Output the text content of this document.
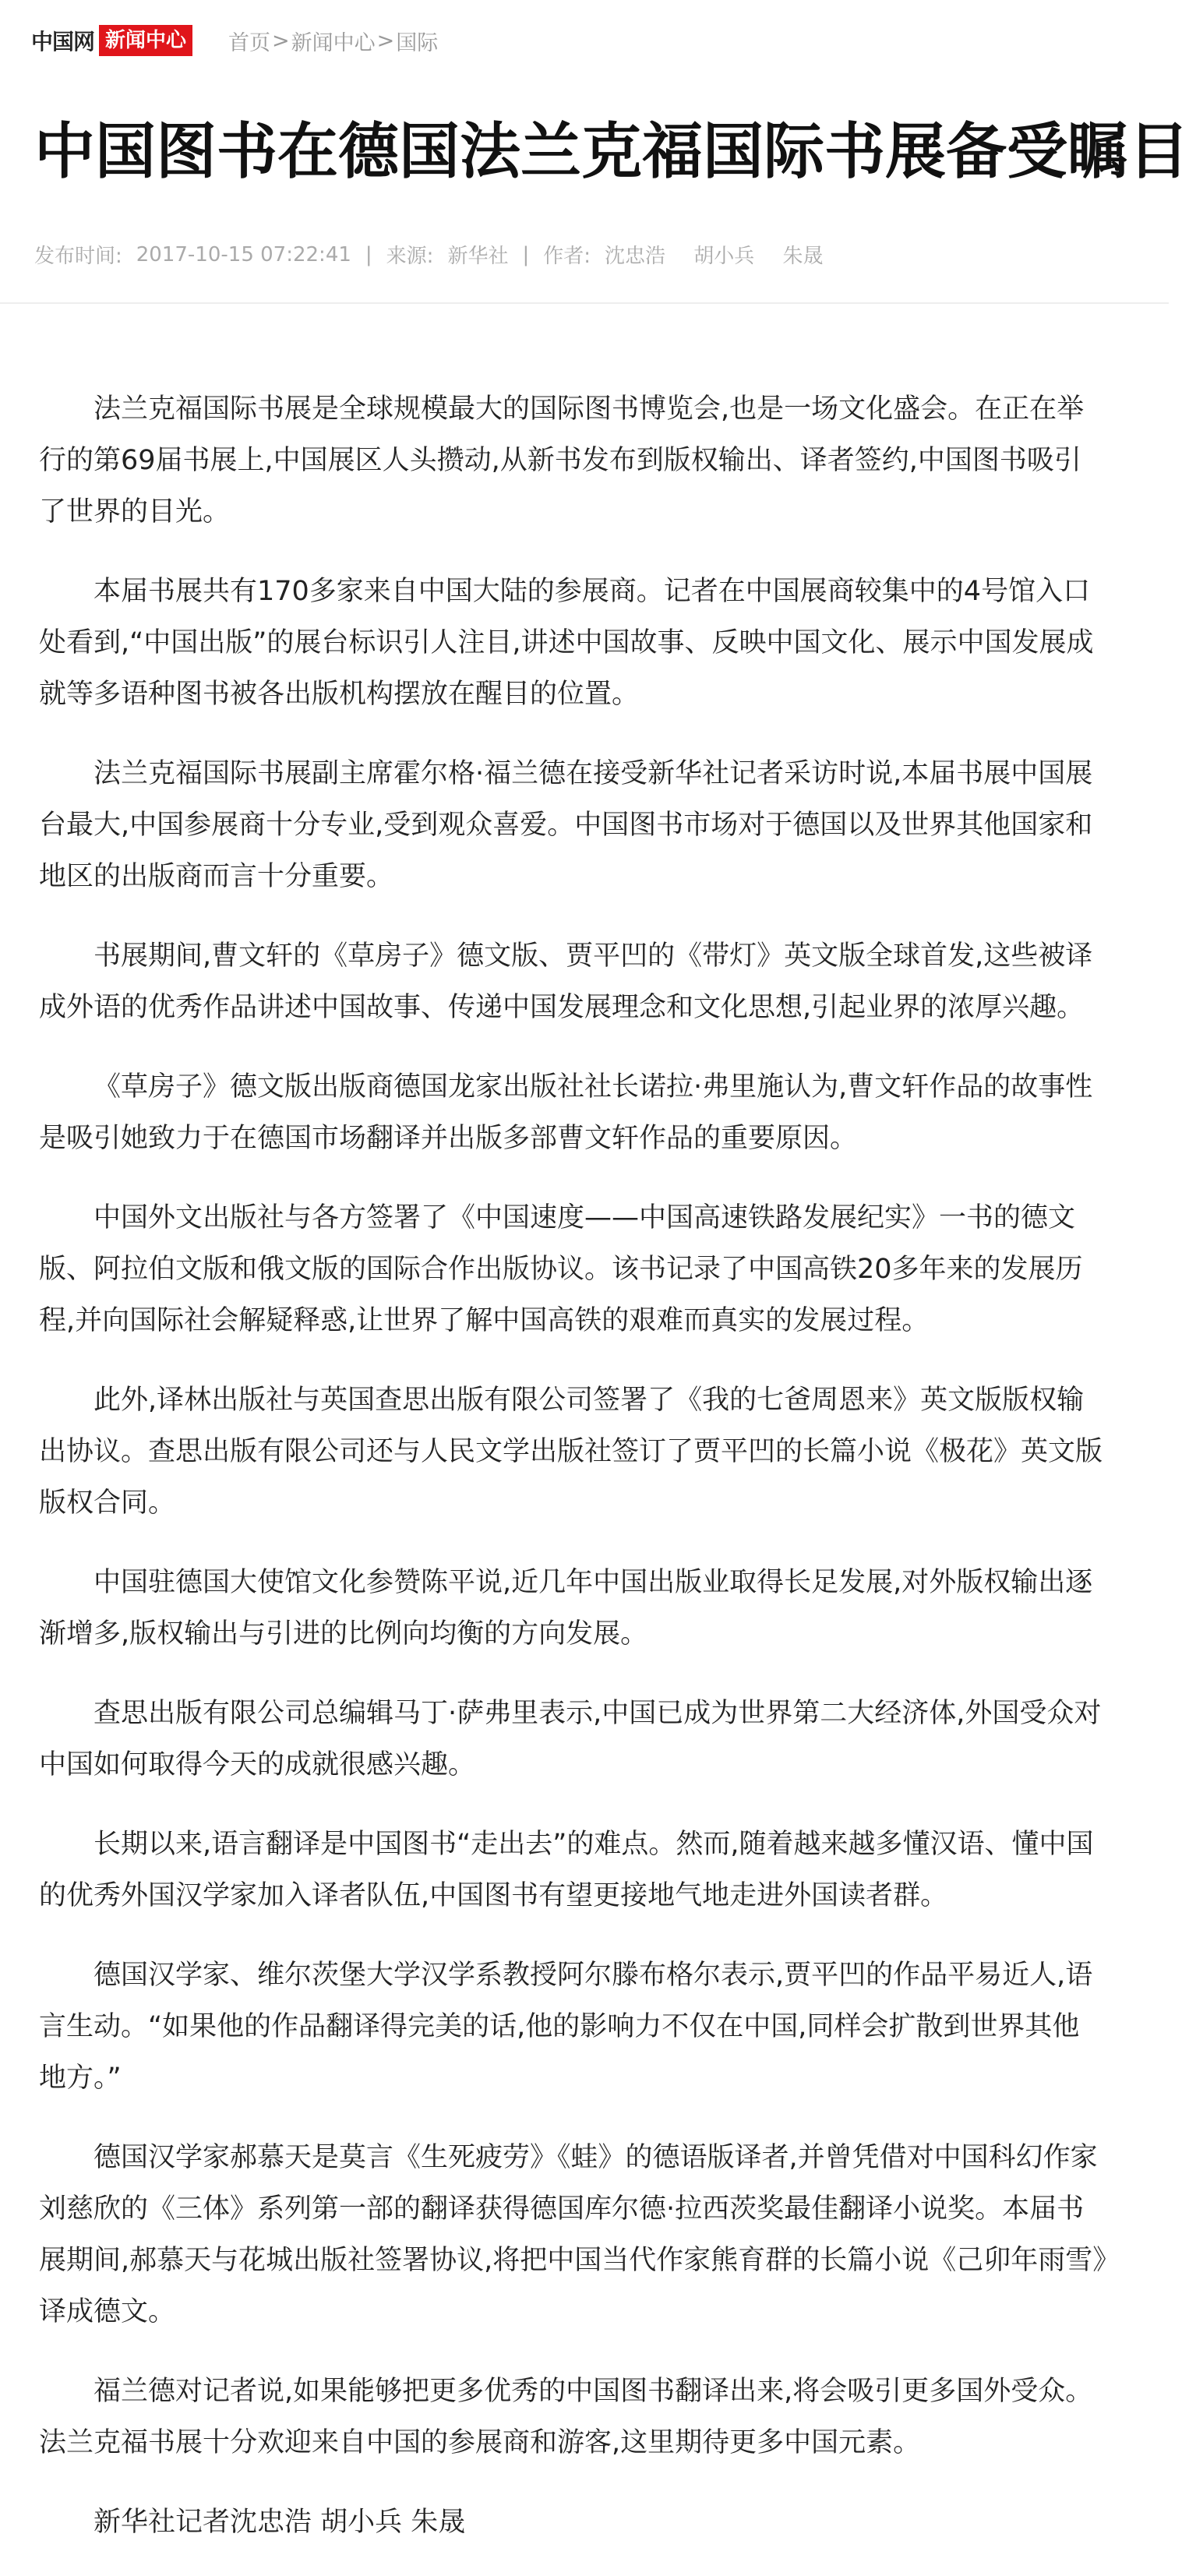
中国网 新闻中心 首页 > 新闻中心 > 国际
中国图书在德国法兰克福国际书展备受瞩目
发布时间: 2017-10-15 07:22:41 | 来源: 新华社 | 作者: 沈忠浩 胡小兵 朱晟

法兰克福国际书展是全球规模最大的国际图书博览会,也是一场文化盛会。在正在举行的第69届书展上,中国展区人头攒动,从新书发布到版权输出、译者签约,中国图书吸引了世界的目光。

本届书展共有170多家来自中国大陆的参展商。记者在中国展商较集中的4号馆入口处看到,“中国出版”的展台标识引人注目,讲述中国故事、反映中国文化、展示中国发展成就等多语种图书被各出版机构摆放在醒目的位置。

法兰克福国际书展副主席霍尔格·福兰德在接受新华社记者采访时说,本届书展中国展台最大,中国参展商十分专业,受到观众喜爱。中国图书市场对于德国以及世界其他国家和地区的出版商而言十分重要。

书展期间,曹文轩的《草房子》德文版、贾平凹的《带灯》英文版全球首发,这些被译成外语的优秀作品讲述中国故事、传递中国发展理念和文化思想,引起业界的浓厚兴趣。

《草房子》德文版出版商德国龙家出版社社长诺拉·弗里施认为,曹文轩作品的故事性是吸引她致力于在德国市场翻译并出版多部曹文轩作品的重要原因。

中国外文出版社与各方签署了《中国速度——中国高速铁路发展纪实》一书的德文版、阿拉伯文版和俄文版的国际合作出版协议。该书记录了中国高铁20多年来的发展历程,并向国际社会解疑释惑,让世界了解中国高铁的艰难而真实的发展过程。

此外,译林出版社与英国查思出版有限公司签署了《我的七爸周恩来》英文版版权输出协议。查思出版有限公司还与人民文学出版社签订了贾平凹的长篇小说《极花》英文版版权合同。

中国驻德国大使馆文化参赞陈平说,近几年中国出版业取得长足发展,对外版权输出逐渐增多,版权输出与引进的比例向均衡的方向发展。

查思出版有限公司总编辑马丁·萨弗里表示,中国已成为世界第二大经济体,外国受众对中国如何取得今天的成就很感兴趣。

长期以来,语言翻译是中国图书“走出去”的难点。然而,随着越来越多懂汉语、懂中国的优秀外国汉学家加入译者队伍,中国图书有望更接地气地走进外国读者群。

德国汉学家、维尔茨堡大学汉学系教授阿尔滕布格尔表示,贾平凹的作品平易近人,语言生动。“如果他的作品翻译得完美的话,他的影响力不仅在中国,同样会扩散到世界其他地方。”

德国汉学家郝慕天是莫言《生死疲劳》《蛙》的德语版译者,并曾凭借对中国科幻作家刘慈欣的《三体》系列第一部的翻译获得德国库尔德·拉西茨奖最佳翻译小说奖。本届书展期间,郝慕天与花城出版社签署协议,将把中国当代作家熊育群的长篇小说《己卯年雨雪》译成德文。

福兰德对记者说,如果能够把更多优秀的中国图书翻译出来,将会吸引更多国外受众。法兰克福书展十分欢迎来自中国的参展商和游客,这里期待更多中国元素。

新华社记者沈忠浩 胡小兵 朱晟
